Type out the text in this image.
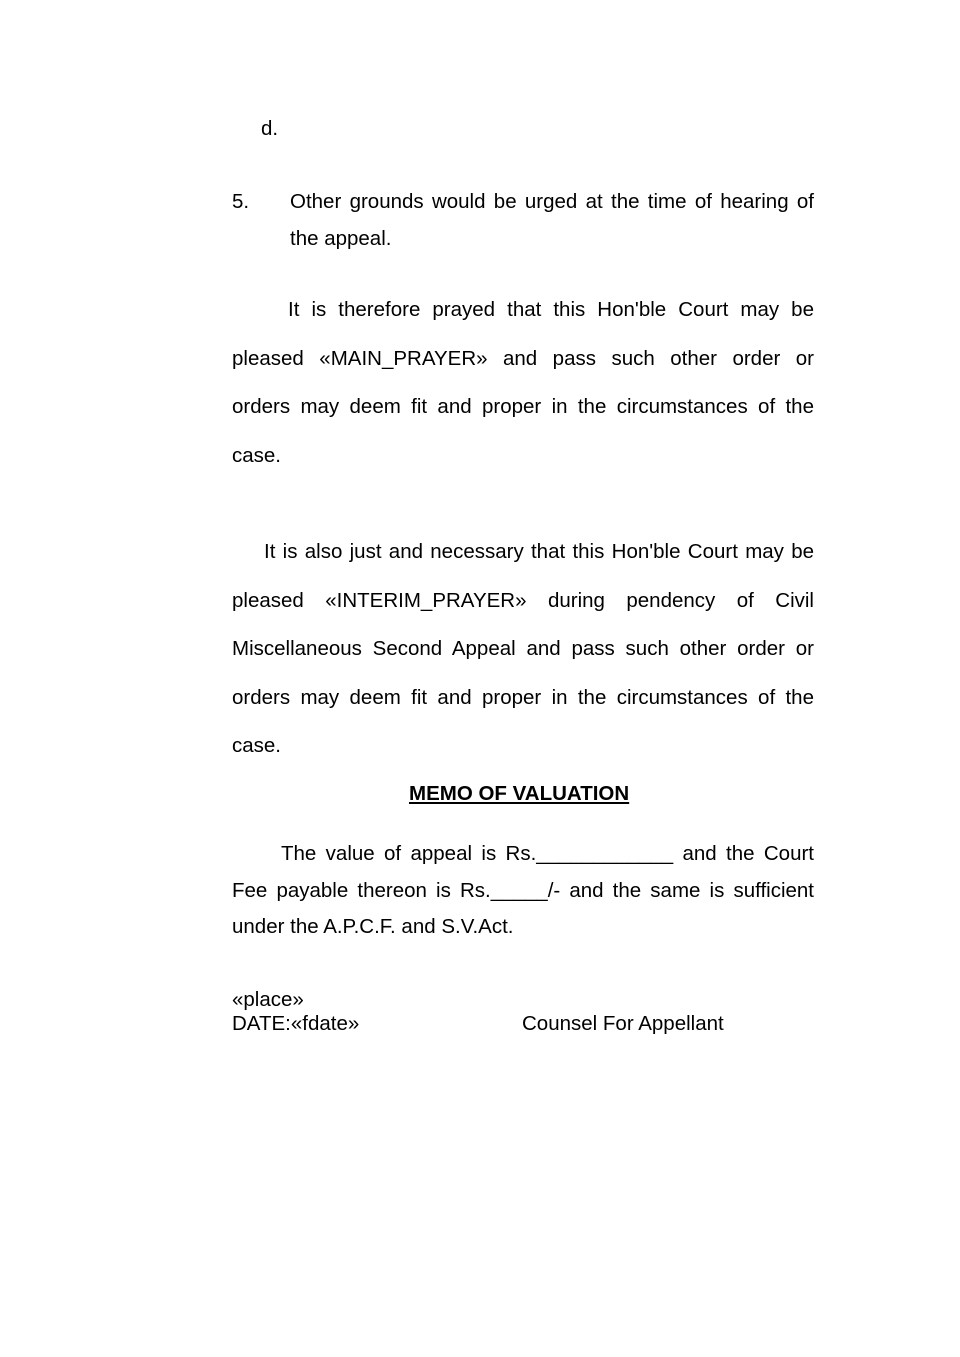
d.
5. Other grounds would be urged at the time of hearing of
the appeal.
It is therefore prayed that this Hon'ble Court may be
pleased «MAIN_PRAYER» and pass such other order or
orders may deem fit and proper in the circumstances of the
case.
It is also just and necessary that this Hon'ble Court may be
pleased «INTERIM_PRAYER» during pendency of Civil
Miscellaneous Second Appeal and pass such other order or
orders may deem fit and proper in the circumstances of the
case.
MEMO OF VALUATION
The value of appeal is Rs.____________ and the Court
Fee payable thereon is Rs._____/- and the same is sufficient
under the A.P.C.F. and S.V.Act.
«place»
DATE:«fdate»	Counsel For Appellant
